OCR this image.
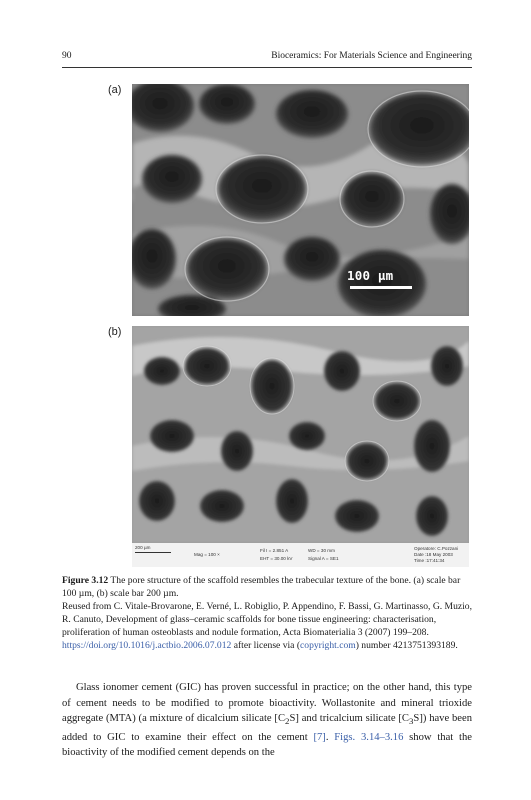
90	Bioceramics: For Materials Science and Engineering
(a)
100 µm
(b)
200 µm
Mag = 100 ×
Fil I = 2.851 A
EHT = 30.00 kV
WD = 30 mm
Signal A = SE1
Operatore: C.Pozzani
Date :18 May 2003
Time :17:41:34

Figure 3.12 The pore structure of the scaffold resembles the trabecular texture of the bone. (a) scale bar 100 µm, (b) scale bar 200 µm.

Reused from C. Vitale-Brovarone, E. Verné, L. Robiglio, P. Appendino, F. Bassi, G. Martinasso, G. Muzio, R. Canuto, Development of glass–ceramic scaffolds for bone tissue engineering: characterisation, proliferation of human osteoblasts and nodule formation, Acta Biomaterialia 3 (2007) 199–208. https://doi.org/10.1016/j.actbio.2006.07.012 after license via (copyright.com) number 4213751393189.

Glass ionomer cement (GIC) has proven successful in practice; on the other hand, this type of cement needs to be modified to promote bioactivity. Wollastonite and mineral trioxide aggregate (MTA) (a mixture of dicalcium silicate $[C_2S]$ and tricalcium silicate $[C_3S]$) have been added to GIC to examine their effect on the cement [7]. Figs. 3.14–3.16 show that the bioactivity of the modified cement depends on the
